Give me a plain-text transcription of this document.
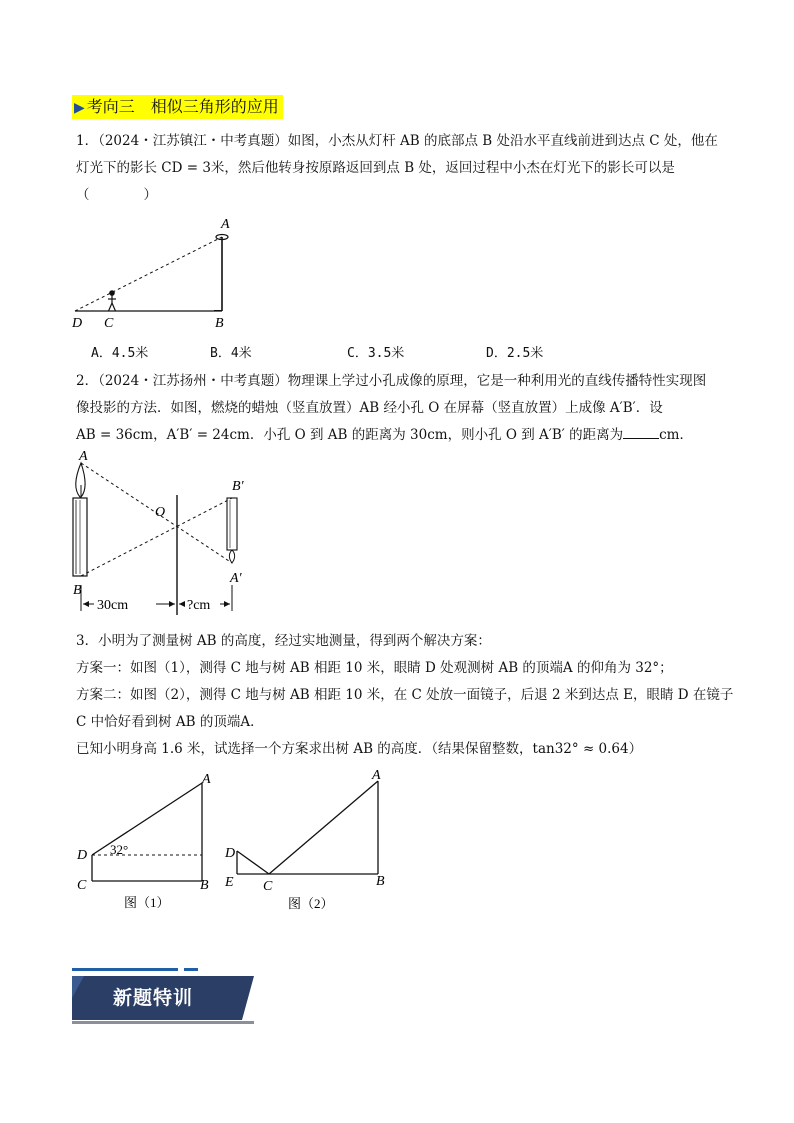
▶ 考向三　相似三角形的应用
1．（2024・江苏镇江・中考真题）如图，小杰从灯杆 AB 的底部点 B 处沿水平直线前进到达点 C 处，他在
灯光下的影长 CD = 3米，然后他转身按原路返回到点 B 处，返回过程中小杰在灯光下的影长可以是
（　　　　）
A
B
C
D
A．4.5米	B．4米	C．3.5米	D．2.5米
2．（2024・江苏扬州・中考真题）物理课上学过小孔成像的原理，它是一种利用光的直线传播特性实现图
像投影的方法．如图，燃烧的蜡烛（竖直放置）AB 经小孔 O 在屏幕（竖直放置）上成像 A′B′．设
AB = 36cm，A′B′ = 24cm．小孔 O 到 AB 的距离为 30cm，则小孔 O 到 A′B′ 的距离为	cm．
A
B
O
B′
A′
30cm	?cm
3．小明为了测量树 AB 的高度，经过实地测量，得到两个解决方案：
方案一：如图（1），测得 C 地与树 AB 相距 10 米，眼睛 D 处观测树 AB 的顶端A 的仰角为 32°；
方案二：如图（2），测得 C 地与树 AB 相距 10 米，在 C 处放一面镜子，后退 2 米到达点 E，眼睛 D 在镜子
C 中恰好看到树 AB 的顶端A．
已知小明身高 1.6 米，试选择一个方案求出树 AB 的高度．（结果保留整数，tan32° ≈ 0.64）
A
B
C
D 32°
图（1）
A
B
C
D
E
图（2）
新题特训
